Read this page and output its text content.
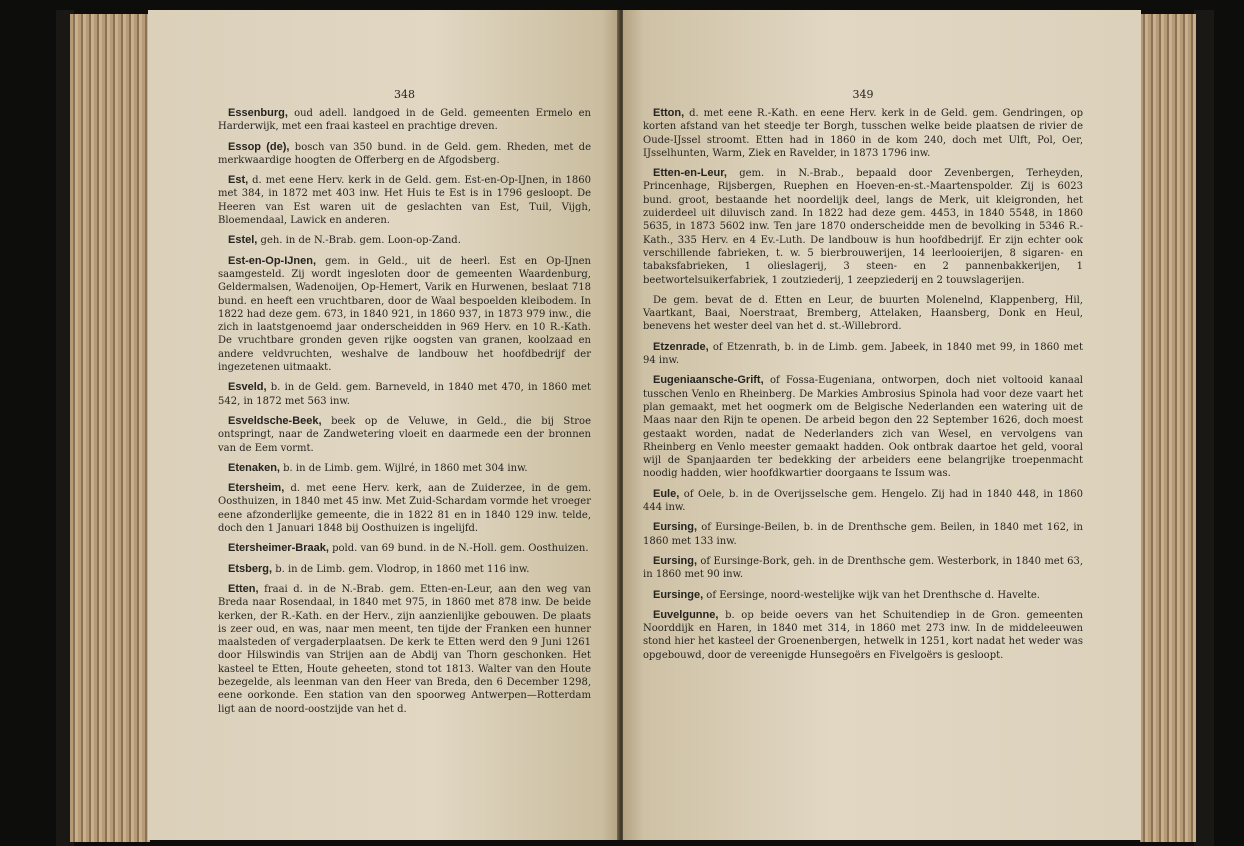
348

Essenburg, oud adell. landgoed in de Geld. gemeenten Ermelo en Harderwijk, met een fraai kasteel en prachtige dreven.

Essop (de), bosch van 350 bund. in de Geld. gem. Rheden, met de merkwaardige hoogten de Offerberg en de Afgodsberg.

Est, d. met eene Herv. kerk in de Geld. gem. Est-en-Op-IJnen, in 1860 met 384, in 1872 met 403 inw. Het Huis te Est is in 1796 gesloopt. De Heeren van Est waren uit de geslachten van Est, Tuil, Vijgh, Bloemendaal, Lawick en anderen.

Estel, geh. in de N.-Brab. gem. Loon-op-Zand.

Est-en-Op-IJnen, gem. in Geld., uit de heerl. Est en Op-IJnen saamgesteld. Zij wordt ingesloten door de gemeenten Waardenburg, Geldermalsen, Wadenoijen, Op-Hemert, Varik en Hurwenen, beslaat 718 bund. en heeft een vruchtbaren, door de Waal bespoelden kleibodem. In 1822 had deze gem. 673, in 1840 921, in 1860 937, in 1873 979 inw., die zich in laatstgenoemd jaar onderscheidden in 969 Herv. en 10 R.-Kath. De vruchtbare gronden geven rijke oogsten van granen, koolzaad en andere veldvruchten, weshalve de landbouw het hoofdbedrijf der ingezetenen uitmaakt.

Esveld, b. in de Geld. gem. Barneveld, in 1840 met 470, in 1860 met 542, in 1872 met 563 inw.

Esveldsche-Beek, beek op de Veluwe, in Geld., die bij Stroe ontspringt, naar de Zandwetering vloeit en daarmede een der bronnen van de Eem vormt.

Etenaken, b. in de Limb. gem. Wijlré, in 1860 met 304 inw.

Etersheim, d. met eene Herv. kerk, aan de Zuiderzee, in de gem. Oosthuizen, in 1840 met 45 inw. Met Zuid-Schardam vormde het vroeger eene afzonderlijke gemeente, die in 1822 81 en in 1840 129 inw. telde, doch den 1 Januari 1848 bij Oosthuizen is ingelijfd.

Etersheimer-Braak, pold. van 69 bund. in de N.-Holl. gem. Oosthuizen.

Etsberg, b. in de Limb. gem. Vlodrop, in 1860 met 116 inw.

Etten, fraai d. in de N.-Brab. gem. Etten-en-Leur, aan den weg van Breda naar Rosendaal, in 1840 met 975, in 1860 met 878 inw. De beide kerken, der R.-Kath. en der Herv., zijn aanzienlijke gebouwen. De plaats is zeer oud, en was, naar men meent, ten tijde der Franken een hunner maalsteden of vergaderplaatsen. De kerk te Etten werd den 9 Juni 1261 door Hilswindis van Strijen aan de Abdij van Thorn geschonken. Het kasteel te Etten, Houte geheeten, stond tot 1813. Walter van den Houte bezegelde, als leenman van den Heer van Breda, den 6 December 1298, eene oorkonde. Een station van den spoorweg Antwerpen—Rotterdam ligt aan de noord-oostzijde van het d.

349

Etton, d. met eene R.-Kath. en eene Herv. kerk in de Geld. gem. Gendringen, op korten afstand van het steedje ter Borgh, tusschen welke beide plaatsen de rivier de Oude-IJssel stroomt. Etten had in 1860 in de kom 240, doch met Ulft, Pol, Oer, IJsselhunten, Warm, Ziek en Ravelder, in 1873 1796 inw.

Etten-en-Leur, gem. in N.-Brab., bepaald door Zevenbergen, Terheyden, Princenhage, Rijsbergen, Ruephen en Hoeven-en-st.-Maartenspolder. Zij is 6023 bund. groot, bestaande het noordelijk deel, langs de Merk, uit kleigronden, het zuiderdeel uit diluvisch zand. In 1822 had deze gem. 4453, in 1840 5548, in 1860 5635, in 1873 5602 inw. Ten jare 1870 onderscheidde men de bevolking in 5346 R.-Kath., 335 Herv. en 4 Ev.-Luth. De landbouw is hun hoofdbedrijf. Er zijn echter ook verschillende fabrieken, t. w. 5 bierbrouwerijen, 14 leerlooierijen, 8 sigaren- en tabaksfabrieken, 1 olieslagerij, 3 steen- en 2 pannenbakkerijen, 1 beetwortelsuikerfabriek, 1 zoutziederij, 1 zeepziederij en 2 touwslagerijen.

De gem. bevat de d. Etten en Leur, de buurten Molenelnd, Klappenberg, Hil, Vaartkant, Baai, Noerstraat, Bremberg, Attelaken, Haansberg, Donk en Heul, benevens het wester deel van het d. st.-Willebrord.

Etzenrade, of Etzenrath, b. in de Limb. gem. Jabeek, in 1840 met 99, in 1860 met 94 inw.

Eugeniaansche-Grift, of Fossa-Eugeniana, ontworpen, doch niet voltooid kanaal tusschen Venlo en Rheinberg. De Markies Ambrosius Spinola had voor deze vaart het plan gemaakt, met het oogmerk om de Belgische Nederlanden een watering uit de Maas naar den Rijn te openen. De arbeid begon den 22 September 1626, doch moest gestaakt worden, nadat de Nederlanders zich van Wesel, en vervolgens van Rheinberg en Venlo meester gemaakt hadden. Ook ontbrak daartoe het geld, vooral wijl de Spanjaarden ter bedekking der arbeiders eene belangrijke troepenmacht noodig hadden, wier hoofdkwartier doorgaans te Issum was.

Eule, of Oele, b. in de Overijsselsche gem. Hengelo. Zij had in 1840 448, in 1860 444 inw.

Eursing, of Eursinge-Beilen, b. in de Drenthsche gem. Beilen, in 1840 met 162, in 1860 met 133 inw.

Eursing, of Eursinge-Bork, geh. in de Drenthsche gem. Westerbork, in 1840 met 63, in 1860 met 90 inw.

Eursinge, of Eersinge, noord-westelijke wijk van het Drenthsche d. Havelte.

Euvelgunne, b. op beide oevers van het Schuitendiep in de Gron. gemeenten Noorddijk en Haren, in 1840 met 314, in 1860 met 273 inw. In de middeleeuwen stond hier het kasteel der Groenenbergen, hetwelk in 1251, kort nadat het weder was opgebouwd, door de vereenigde Hunsegoërs en Fivelgoërs is gesloopt.
